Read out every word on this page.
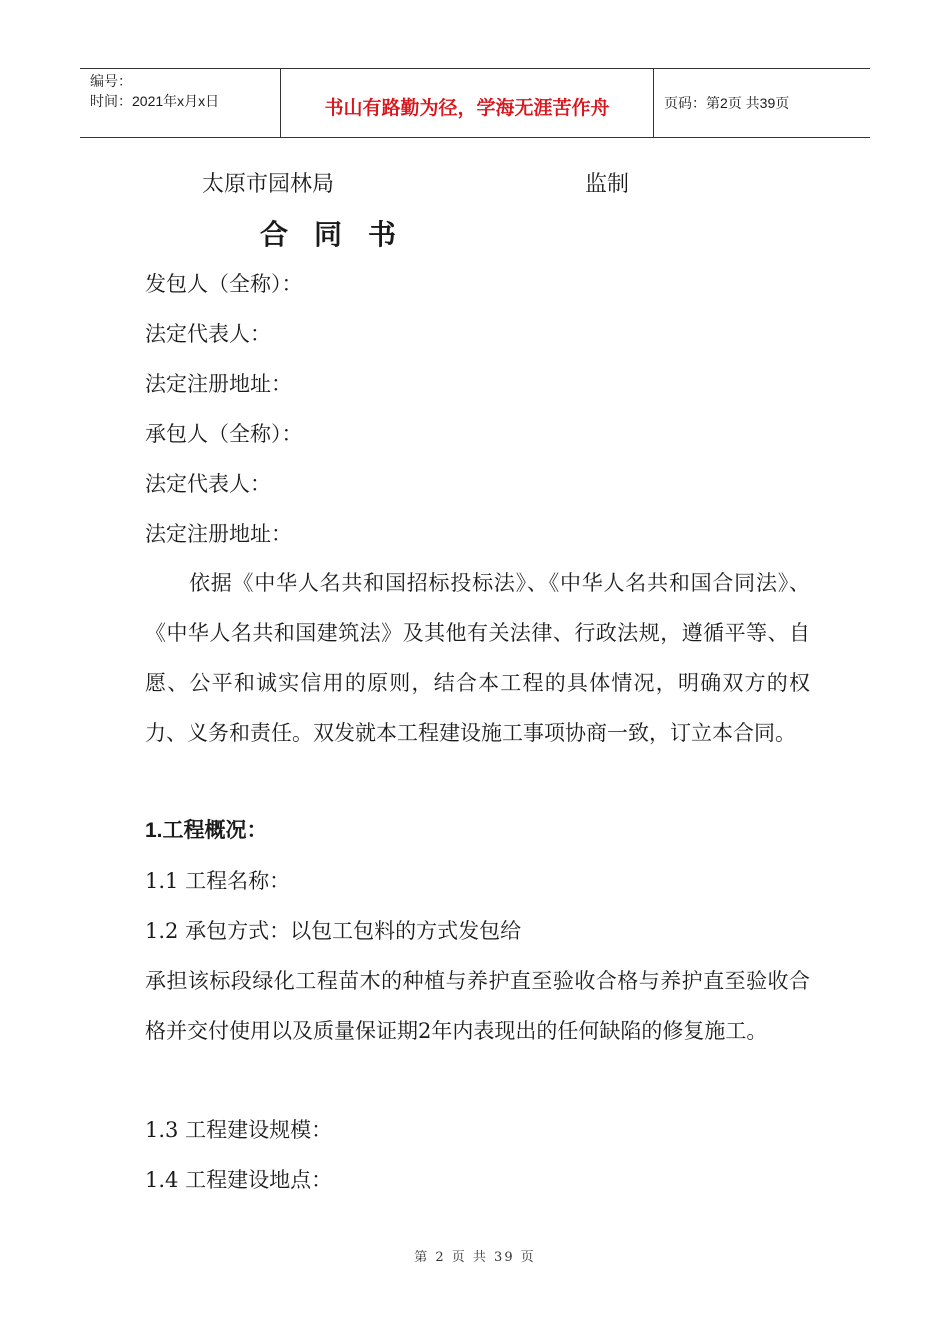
编号：
时间：2021年x月x日	书山有路勤为径，学海无涯苦作舟	页码：第2页 共39页
太原市园林局	监制
合同书
发包人（全称）：
法定代表人：
法定注册地址：
承包人（全称）：
法定代表人：
法定注册地址：
依据《中华人名共和国招标投标法》、《中华人名共和国合同法》、《中华人名共和国建筑法》及其他有关法律、行政法规，遵循平等、自愿、公平和诚实信用的原则，结合本工程的具体情况，明确双方的权力、义务和责任。双发就本工程建设施工事项协商一致，订立本合同。
1.工程概况：
1.1 工程名称：
1.2 承包方式：以包工包料的方式发包给
承担该标段绿化工程苗木的种植与养护直至验收合格与养护直至验收合格并交付使用以及质量保证期2年内表现出的任何缺陷的修复施工。
1.3 工程建设规模：
1.4 工程建设地点：
第 2 页 共 39 页
